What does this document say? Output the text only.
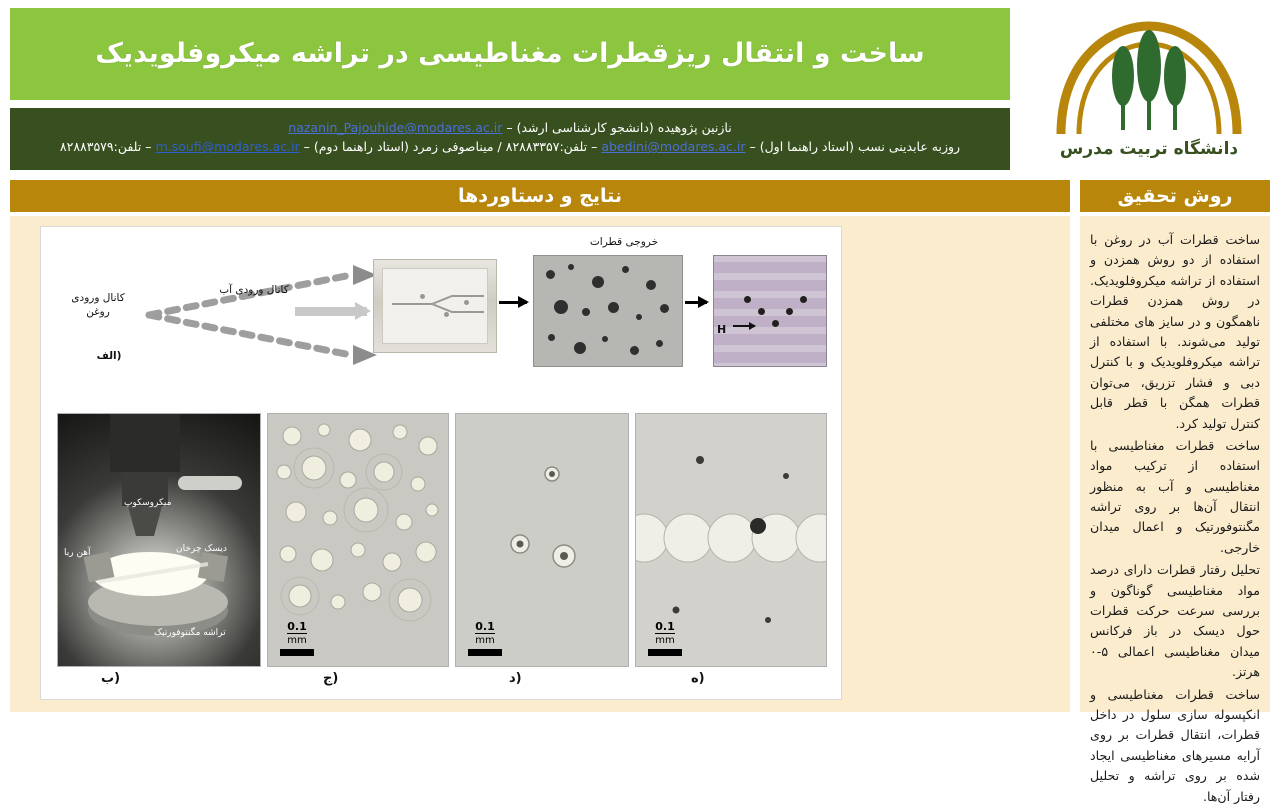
ساخت و انتقال ریزقطرات مغناطیسی در تراشه میکروفلویدیک
نازنین پژوهیده (دانشجو کارشناسی ارشد) – nazanin_Pajouhide@modares.ac.ir
روزبه عابدینی نسب (استاد راهنما اول) – abedini@modares.ac.ir – تلفن:۸۲۸۸۳۳۵۷ / میناصوفی زمرد (استاد راهنما دوم) – m.soufi@modares.ac.ir – تلفن:۸۲۸۸۳۵۷۹	دانشگاه تربیت مدرس
نتایج و دستاوردها	روش تحقیق

ساخت قطرات آب در روغن با استفاده از دو روش همزدن و استفاده از تراشه میکروفلویدیک. در روش همزدن قطرات ناهمگون و در سایز های مختلفی تولید می‌شوند. با استفاده از تراشه میکروفلویدیک و با کنترل دبی و فشار تزریق، می‌توان قطرات همگن با قطر قابل کنترل تولید کرد.

ساخت قطرات مغناطیسی با استفاده از ترکیب مواد مغناطیسی و آب به منظور انتقال آن‌ها بر روی تراشه مگنتوفورتیک و اعمال میدان خارجی.

تحلیل رفتار قطرات دارای درصد مواد مغناطیسی گوناگون و بررسی سرعت حرکت قطرات حول دیسک در باز فرکانس میدان مغناطیسی اعمالی ۵-۰ هرتز.

ساخت قطرات مغناطیسی و انکپسوله سازی سلول در داخل قطرات، انتقال قطرات بر روی آرایه مسیرهای مغناطیسی ایجاد شده بر روی تراشه و تحلیل رفتار آن‌ها.

H
کانال ورودی روغن
کانال ورودی آب
خروجی قطرات
(الف
میکروسکوپ
آهن ربا	دیسک چرخان
تراشه مگنتوفورتیک	0.1
mm
0.1
mm
0.1
mm
(ب	(ج	(د	(ه
